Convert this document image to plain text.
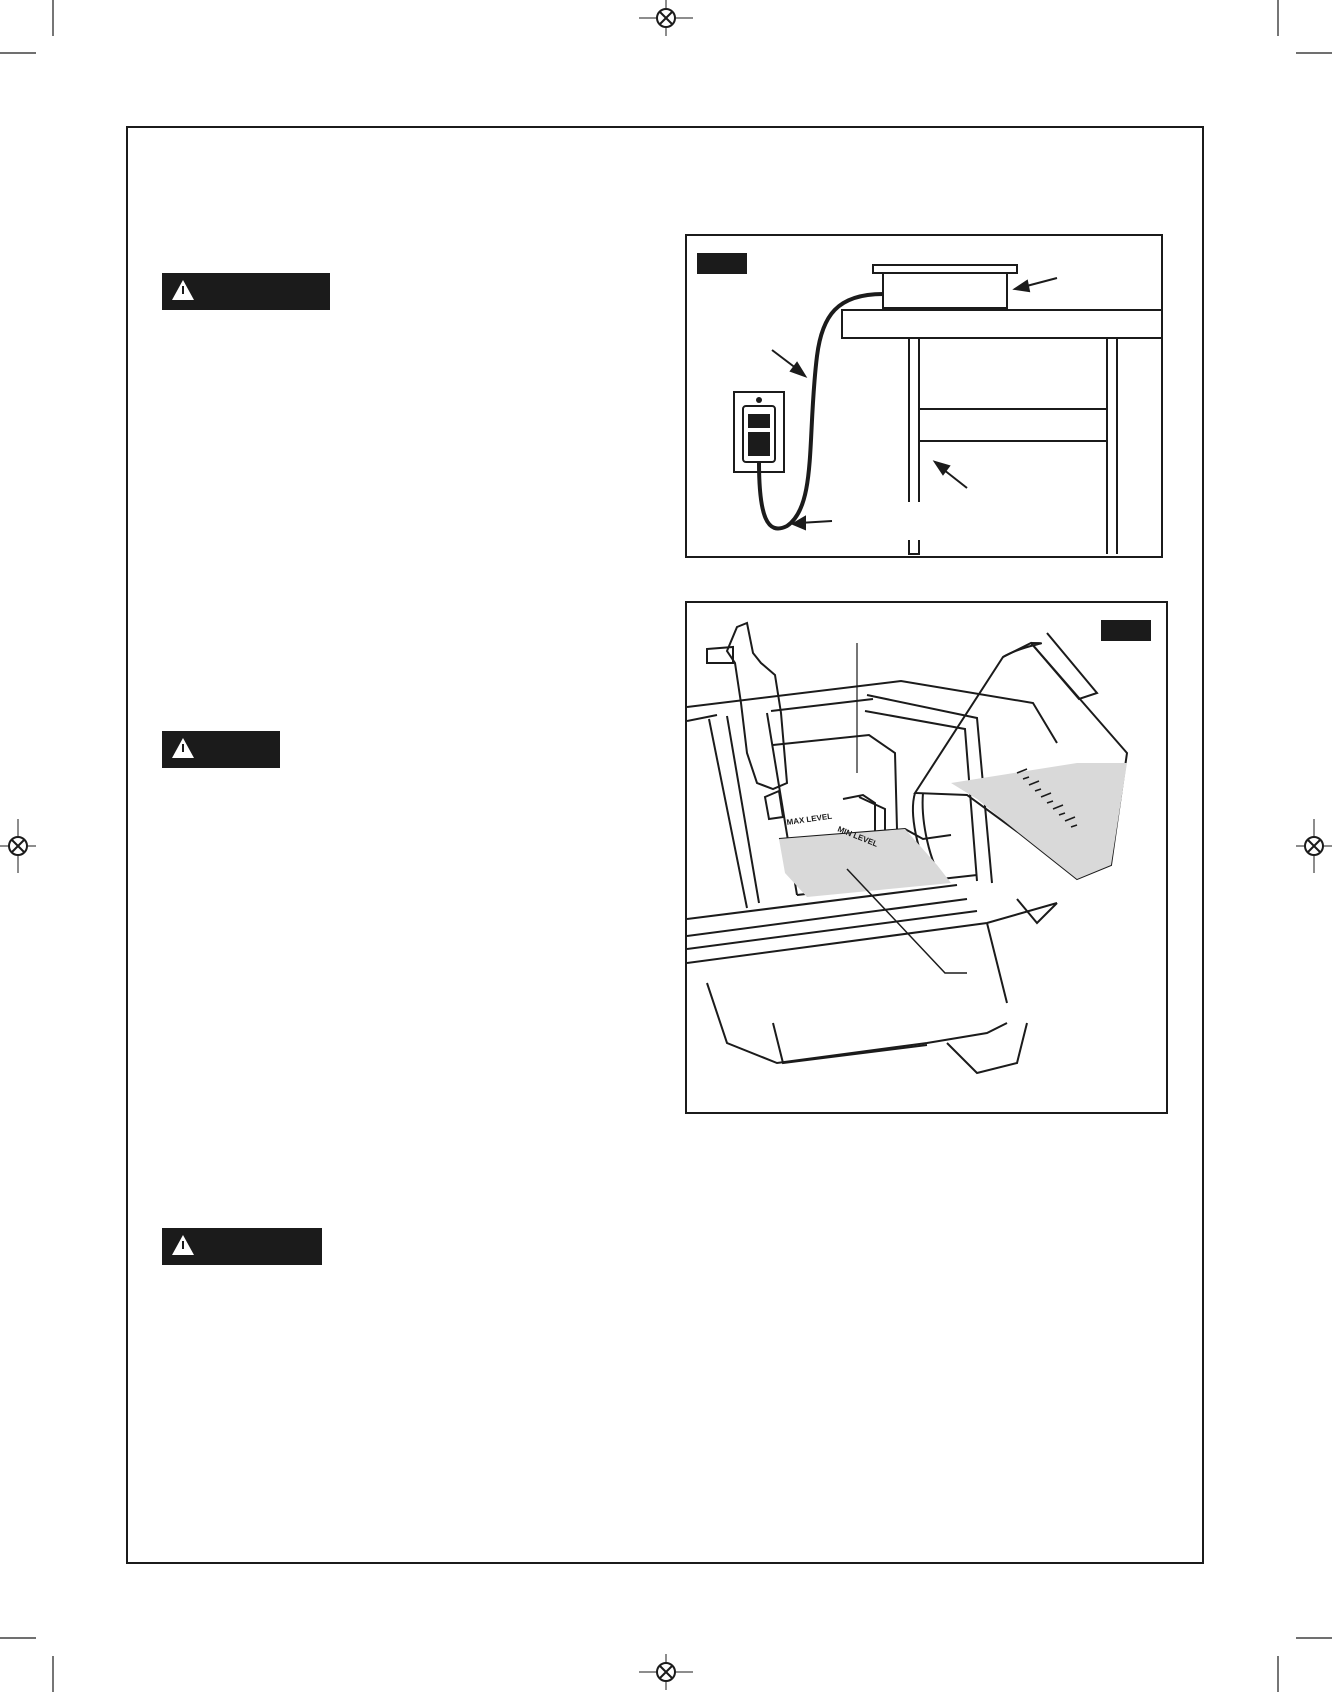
MAX LEVEL
MIN LEVEL
